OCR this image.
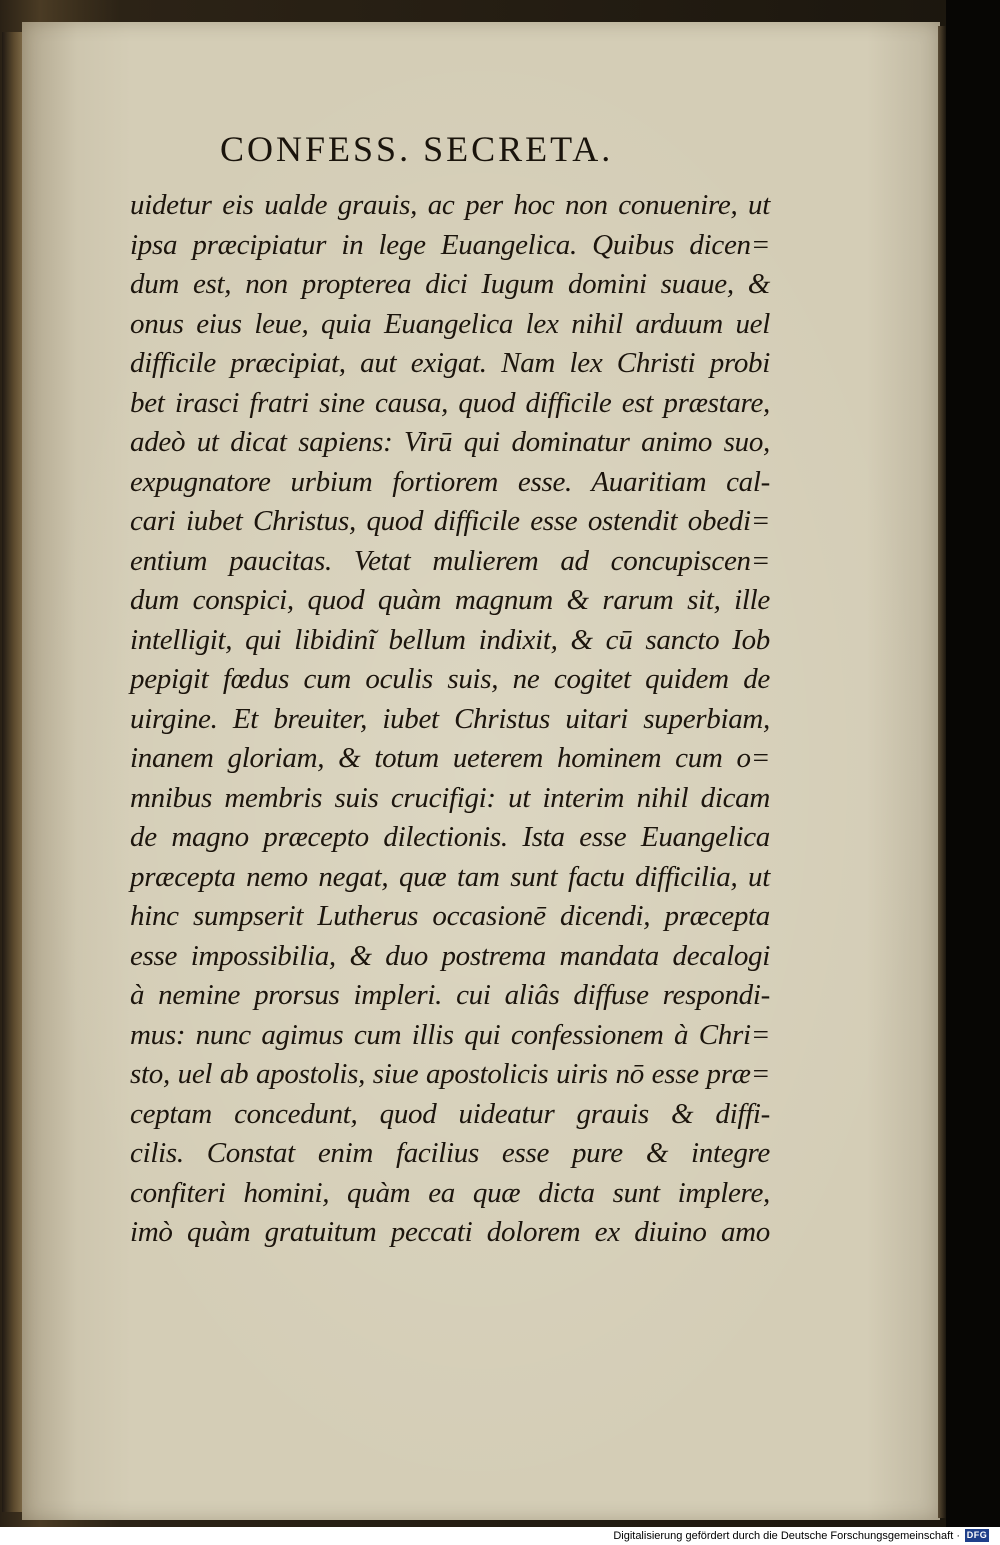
CONFESS. SECRETA.
uidetur eis ualde grauis, ac per hoc non conuenire, ut
ipsa præcipiatur in lege Euangelica. Quibus dicen=
dum est, non propterea dici Iugum domini suaue, &
onus eius leue, quia Euangelica lex nihil arduum uel
difficile præcipiat, aut exigat. Nam lex Christi probi
bet irasci fratri sine causa, quod difficile est præstare,
adeò ut dicat sapiens: Virū qui dominatur animo suo,
expugnatore urbium fortiorem esse. Auaritiam cal-
cari iubet Christus, quod difficile esse ostendit obedi=
entium paucitas. Vetat mulierem ad concupiscen=
dum conspici, quod quàm magnum & rarum sit, ille
intelligit, qui libidinĩ bellum indixit, & cū sancto Iob
pepigit fœdus cum oculis suis, ne cogitet quidem de
uirgine. Et breuiter, iubet Christus uitari superbiam,
inanem gloriam, & totum ueterem hominem cum o=
mnibus membris suis crucifigi: ut interim nihil dicam
de magno præcepto dilectionis. Ista esse Euangelica
præcepta nemo negat, quæ tam sunt factu difficilia, ut
hinc sumpserit Lutherus occasionē dicendi, præcepta
esse impossibilia, & duo postrema mandata decalogi
à nemine prorsus impleri. cui aliâs diffuse respondi-
mus: nunc agimus cum illis qui confessionem à Chri=
sto, uel ab apostolis, siue apostolicis uiris nō esse præ=
ceptam concedunt, quod uideatur grauis & diffi-
cilis. Constat enim facilius esse pure & integre
confiteri homini, quàm ea quæ dicta sunt implere,
imò quàm gratuitum peccati dolorem ex diuino amo
Digitalisierung gefördert durch die Deutsche Forschungsgemeinschaft · DFG
